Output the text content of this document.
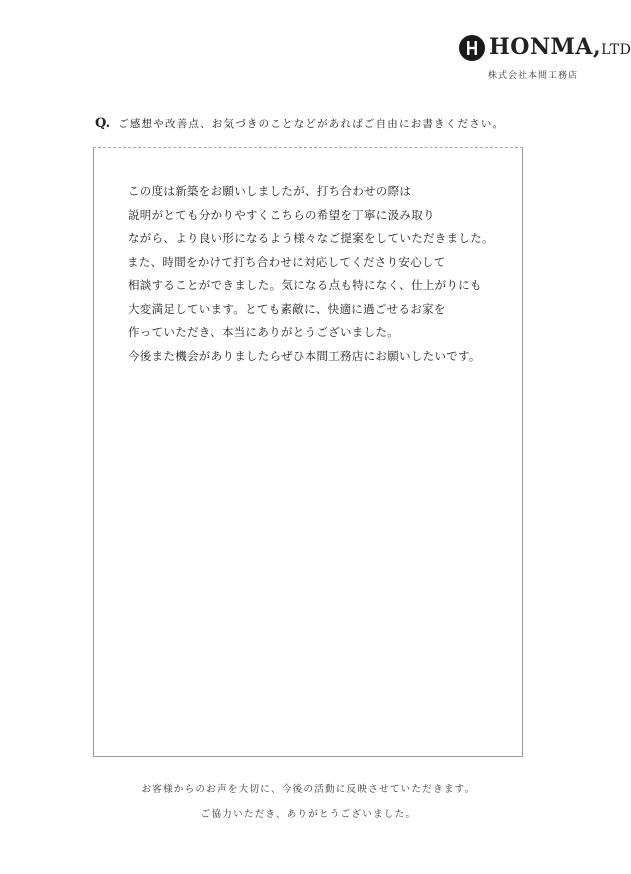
HONMA,LTD
株式会社本間工務店
Q. ご感想や改善点、お気づきのことなどがあればご自由にお書きください。
この度は新築をお願いしましたが、打ち合わせの際は
説明がとても分かりやすくこちらの希望を丁寧に汲み取り
ながら、より良い形になるよう様々なご提案をしていただきました。
また、時間をかけて打ち合わせに対応してくださり安心して
相談することができました。気になる点も特になく、仕上がりにも
大変満足しています。とても素敵に、快適に過ごせるお家を
作っていただき、本当にありがとうございました。
今後また機会がありましたらぜひ本間工務店にお願いしたいです。
お客様からのお声を大切に、今後の活動に反映させていただきます。
ご協力いただき、ありがとうございました。
